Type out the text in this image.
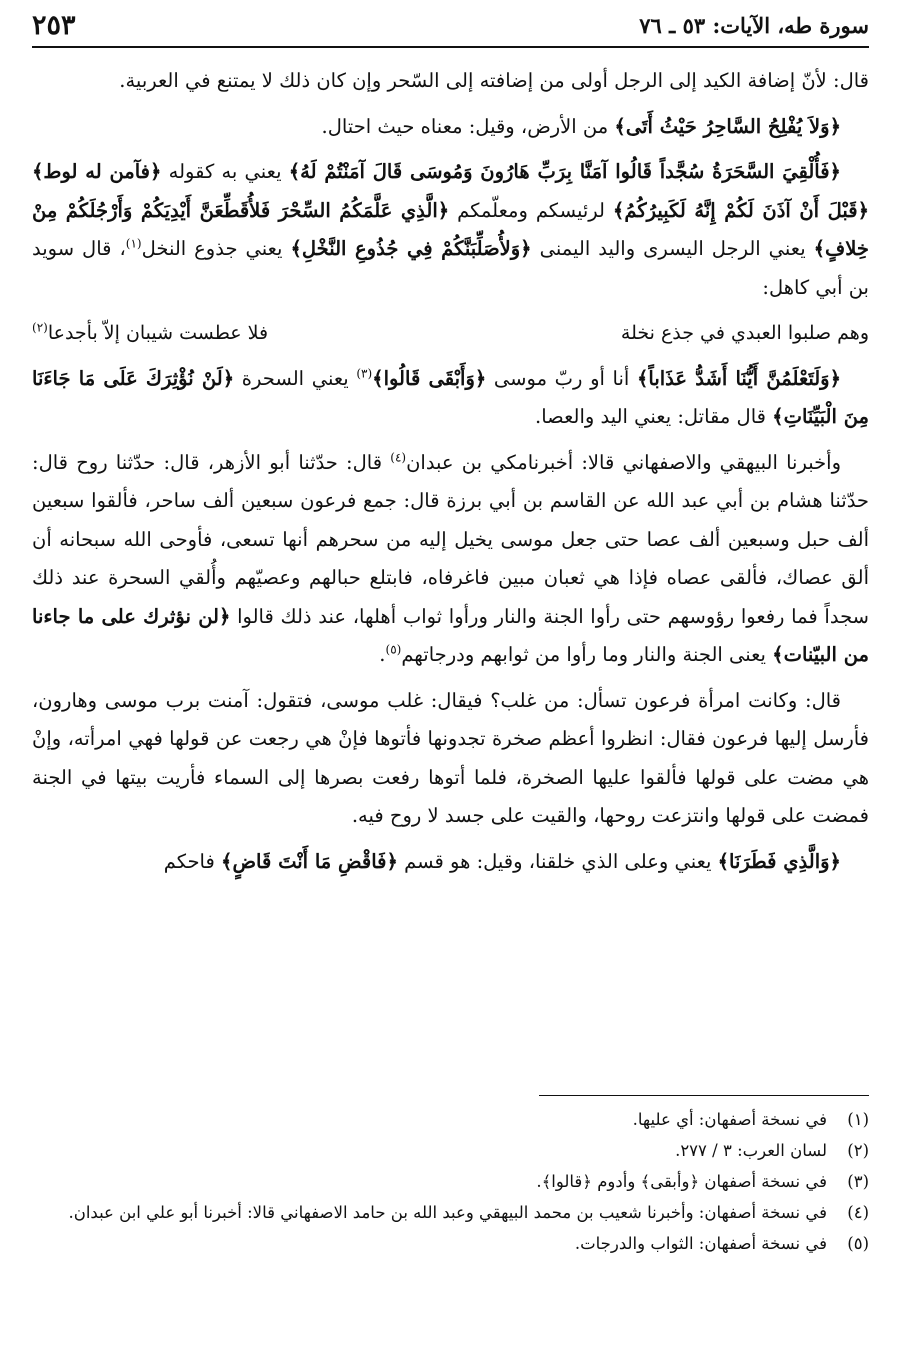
سورة طه، الآيات: ٥٣ ـ ٧٦
٢٥٣

قال: لأنّ إضافة الكيد إلى الرجل أولى من إضافته إلى السّحر وإن كان ذلك لا يمتنع في العربية.

﴿وَلاَ يُفْلِحُ السَّاحِرُ حَيْثُ أَتَى﴾ من الأرض، وقيل: معناه حيث احتال.

﴿فَأُلْقِيَ السَّحَرَةُ سُجَّداً قَالُوا آمَنَّا بِرَبِّ هَارُونَ وَمُوسَى قَالَ آمَنْتُمْ لَهُ﴾ يعني به كقوله ﴿فآمن له لوط﴾ ﴿قَبْلَ أَنْ آذَنَ لَكُمْ إِنَّهُ لَكَبِيرُكُمُ﴾ لرئيسكم ومعلّمكم ﴿الَّذِي عَلَّمَكُمُ السِّحْرَ فَلأُقَطِّعَنَّ أَيْدِيَكُمْ وَأَرْجُلَكُمْ مِنْ خِلافٍ﴾ يعني الرجل اليسرى واليد اليمنى ﴿وَلأُصَلِّبَنَّكُمْ فِي جُذُوعِ النَّخْلِ﴾ يعني جذوع النخل$^{(١)}$، قال سويد بن أبي كاهل:

وهم صلبوا العبدي في جذع نخلة
فلا عطست شيبان إلاّ بأجدعا$^{(٢)}$

﴿وَلَتَعْلَمُنَّ أَيُّنَا أَشَدُّ عَذَاباً﴾ أنا أو ربّ موسى ﴿وَأَبْقَى قَالُوا﴾$^{(٣)}$ يعني السحرة ﴿لَنْ نُؤْثِرَكَ عَلَى مَا جَاءَنَا مِنَ الْبَيِّنَاتِ﴾ قال مقاتل: يعني اليد والعصا.

وأخبرنا البيهقي والاصفهاني قالا: أخبرنامكي بن عبدان$^{(٤)}$ قال: حدّثنا أبو الأزهر، قال: حدّثنا روح قال: حدّثنا هشام بن أبي عبد الله عن القاسم بن أبي برزة قال: جمع فرعون سبعين ألف ساحر، فألقوا سبعين ألف حبل وسبعين ألف عصا حتى جعل موسى يخيل إليه من سحرهم أنها تسعى، فأوحى الله سبحانه أن ألق عصاك، فألقى عصاه فإذا هي ثعبان مبين فاغرفاه، فابتلع حبالهم وعصيّهم وأُلقي السحرة عند ذلك سجداً فما رفعوا رؤوسهم حتى رأوا الجنة والنار ورأوا ثواب أهلها، عند ذلك قالوا ﴿لن نؤثرك على ما جاءنا من البيّنات﴾ يعنى الجنة والنار وما رأوا من ثوابهم ودرجاتهم$^{(٥)}$.

قال: وكانت امرأة فرعون تسأل: من غلب؟ فيقال: غلب موسى، فتقول: آمنت برب موسى وهارون، فأرسل إليها فرعون فقال: انظروا أعظم صخرة تجدونها فأتوها فإنْ هي رجعت عن قولها فهي امرأته، وإنْ هي مضت على قولها فألقوا عليها الصخرة، فلما أتوها رفعت بصرها إلى السماء فأريت بيتها في الجنة فمضت على قولها وانتزعت روحها، والقيت على جسد لا روح فيه.

﴿وَالَّذِي فَطَرَنَا﴾ يعني وعلى الذي خلقنا، وقيل: هو قسم ﴿فَاقْضِ مَا أَنْتَ قَاضٍ﴾ فاحكم

(١)
في نسخة أصفهان: أي عليها.
(٢)
لسان العرب: ٣ / ٢٧٧.
(٣)
في نسخة أصفهان ﴿وأبقى﴾ وأدوم ﴿قالوا﴾.
(٤)
في نسخة أصفهان: وأخبرنا شعيب بن محمد البيهقي وعبد الله بن حامد الاصفهاني قالا: أخبرنا أبو علي ابن عبدان.
(٥)
في نسخة أصفهان: الثواب والدرجات.
